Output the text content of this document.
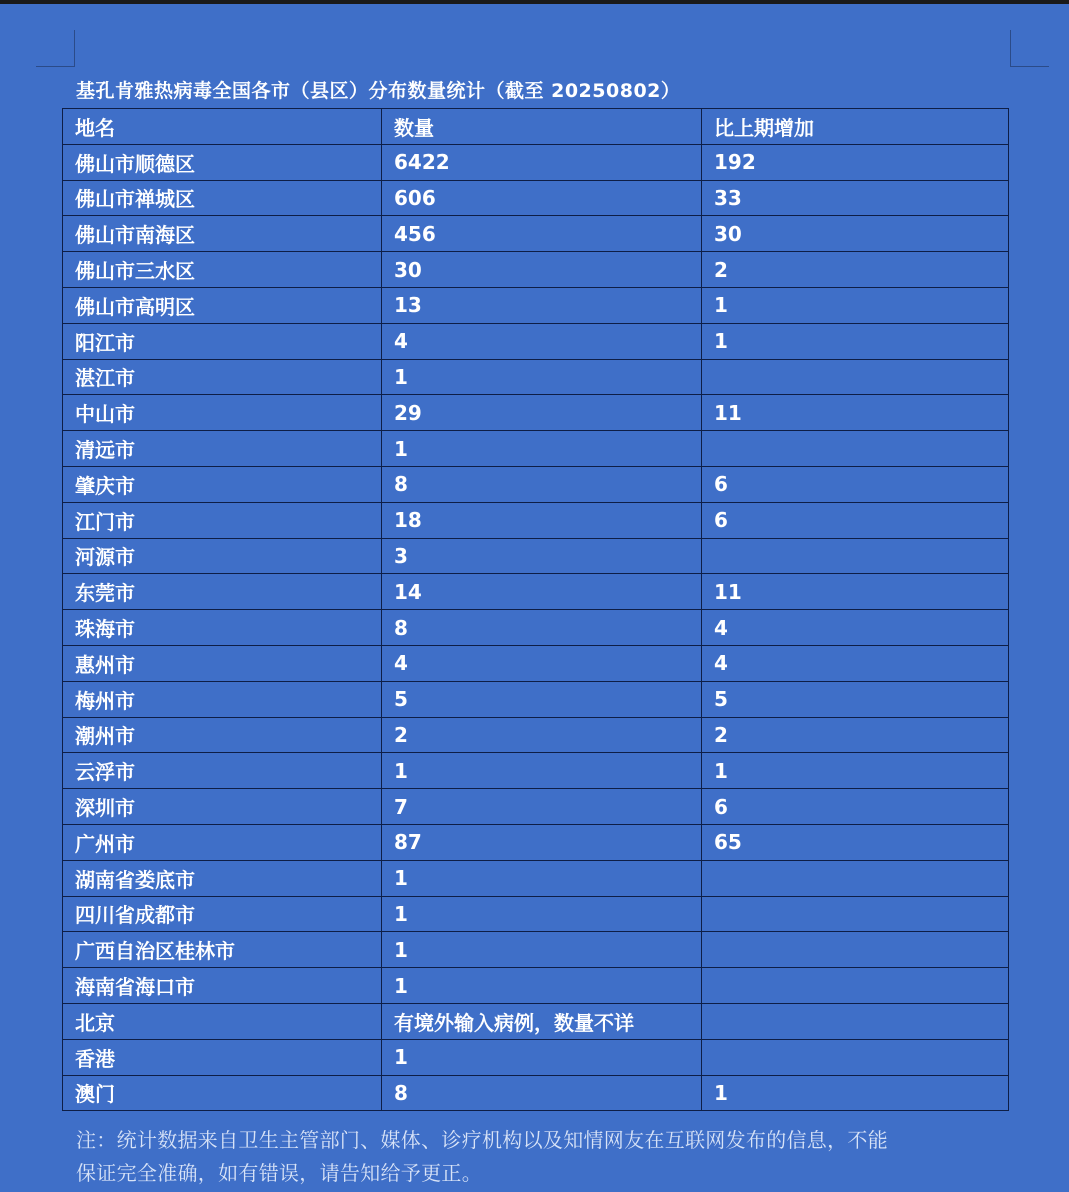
基孔肯雅热病毒全国各市（县区）分布数量统计（截至 20250802）
地名	数量	比上期增加
佛山市顺德区	6422	192
佛山市禅城区	606	33
佛山市南海区	456	30
佛山市三水区	30	2
佛山市高明区	13	1
阳江市	4	1
湛江市	1	
中山市	29	11
清远市	1	
肇庆市	8	6
江门市	18	6
河源市	3	
东莞市	14	11
珠海市	8	4
惠州市	4	4
梅州市	5	5
潮州市	2	2
云浮市	1	1
深圳市	7	6
广州市	87	65
湖南省娄底市	1	
四川省成都市	1	
广西自治区桂林市	1	
海南省海口市	1	
北京	有境外输入病例，数量不详	
香港	1	
澳门	8	1
注：统计数据来自卫生主管部门、媒体、诊疗机构以及知情网友在互联网发布的信息，不能
保证完全准确，如有错误，请告知给予更正。
